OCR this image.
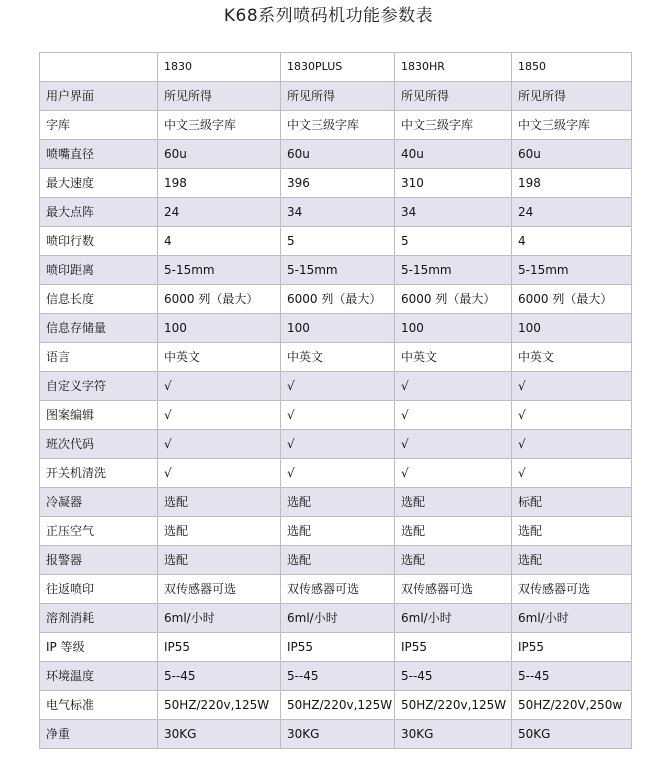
K68系列喷码机功能参数表
	1830	1830PLUS	1830HR	1850
用户界面	所见所得	所见所得	所见所得	所见所得
字库	中文三级字库	中文三级字库	中文三级字库	中文三级字库
喷嘴直径	60u	60u	40u	60u
最大速度	198	396	310	198
最大点阵	24	34	34	24
喷印行数	4	5	5	4
喷印距离	5-15mm	5-15mm	5-15mm	5-15mm
信息长度	6000 列（最大）	6000 列（最大）	6000 列（最大）	6000 列（最大）
信息存储量	100	100	100	100
语言	中英文	中英文	中英文	中英文
自定义字符	√	√	√	√
图案编辑	√	√	√	√
班次代码	√	√	√	√
开关机清洗	√	√	√	√
冷凝器	选配	选配	选配	标配
正压空气	选配	选配	选配	选配
报警器	选配	选配	选配	选配
往返喷印	双传感器可选	双传感器可选	双传感器可选	双传感器可选
溶剂消耗	6ml/小时	6ml/小时	6ml/小时	6ml/小时
IP 等级	IP55	IP55	IP55	IP55
环境温度	5--45	5--45	5--45	5--45
电气标准	50HZ/220v,125W	50HZ/220v,125W	50HZ/220v,125W	50HZ/220V,250w
净重	30KG	30KG	30KG	50KG
